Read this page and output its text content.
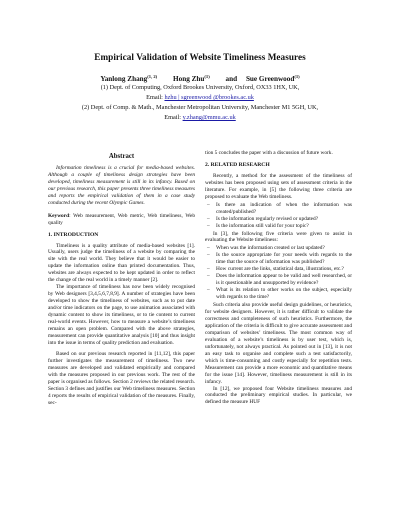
Empirical Validation of Website Timeliness Measures
Yanlong Zhang$^{(1, 2)}$ Hong Zhu$^{(1)}$ and Sue Greenwood$^{(1)}$
(1) Dept. of Computing, Oxford Brookes University, Oxford, OX33 1HX, UK,
Email: hzhu | sgreenwood @brookes.ac.uk
(2) Dept. of Comp. & Math., Manchester Metropolitan University, Manchester M1 5GH, UK,
Email: y.zhang@mmu.ac.uk
Abstract

Information timeliness is a crucial for media-based websites. Although a couple of timeliness design strategies have been developed, timeliness measurement is still in its infancy. Based on our previous research, this paper presents three timeliness measures and reports the empirical validation of them in a case study conducted during the recent Olympic Games.

Keyword: Web measurement, Web metric, Web timeliness, Web quality

1. INTRODUCTION

Timeliness is a quality attribute of media-based websites [1]. Usually, users judge the timeliness of a website by comparing the site with the real world. They believe that it would be easier to update the information online than printed documentation. Thus, websites are always expected to be kept updated in order to reflect the change of the real world in a timely manner [2].

The importance of timeliness has now been widely recognised by Web designers [3,4,5,6,7,8,9]. A number of strategies have been developed to show the timeliness of websites, such as to put date and/or time indicators on the page, to use animation associated with dynamic content to show its timeliness, or to tie content to current real-world events. However, how to measure a website’s timeliness remains an open problem. Compared with the above strategies, measurement can provide quantitative analysis [10] and thus insight into the issue in terms of quality prediction and evaluation.

Based on our previous research reported in [11,12], this paper further investigates the measurement of timeliness. Two new measures are developed and validated empirically and compared with the measures proposed in our previous work. The rest of the paper is organised as follows. Section 2 reviews the related research. Section 3 defines and justifies our Web timeliness measures. Section 4 reports the results of empirical validation of the measures. Finally, sec-

tion 5 concludes the paper with a discussion of future work.

2. RELATED RESEARCH

Recently, a method for the assessment of the timeliness of websites has been proposed using sets of assessment criteria in the literature. For example, in [5] the following three criteria are proposed to evaluate the Web timeliness.

– Is there an indication of when the information was created/published?
– Is the information regularly revised or updated?
– Is the information still valid for your topic?

In [3], the following five criteria were given to assist in evaluating the Website timeliness:

– When was the information created or last updated?
– Is the source appropriate for your needs with regards to the time that the source of information was published?
– How current are the links, statistical data, illustrations, etc.?
– Does the information appear to be valid and well researched, or is it questionable and unsupported by evidence?
– What is its relation to other works on the subject, especially with regards to the time?

Such criteria also provide useful design guidelines, or heuristics, for website designers. However, it is rather difficult to validate the correctness and completeness of such heuristics. Furthermore, the application of the criteria is difficult to give accurate assessment and comparison of websites’ timeliness. The most common way of evaluation of a website’s timeliness is by user test, which is, unfortunately, not always practical. As pointed out in [13], it is not an easy task to organise and complete such a test satisfactorily, which is time-consuming and costly especially for repetition tests. Measurement can provide a more economic and quantitative means for the issue [14]. However, timeliness measurement is still in its infancy.

In [12], we proposed four Website timeliness measures and conducted the preliminary empirical studies. In particular, we defined the measure HUF
